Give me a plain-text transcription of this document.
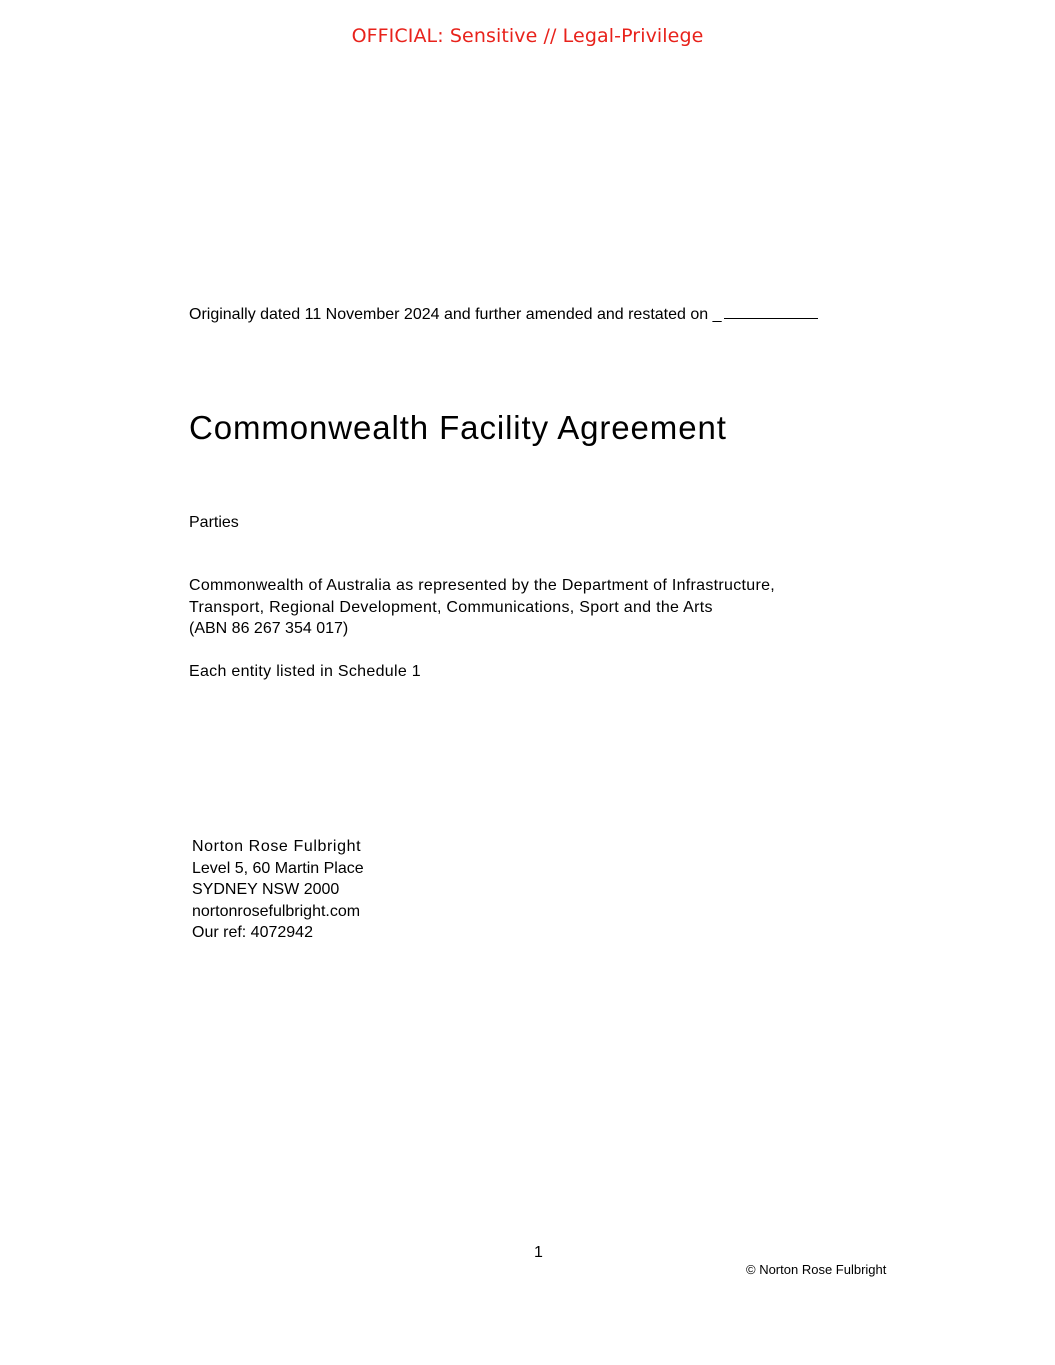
OFFICIAL: Sensitive // Legal-Privilege
Originally dated 11 November 2024 and further amended and restated on _
Commonwealth Facility Agreement

Parties

Commonwealth of Australia as represented by the Department of Infrastructure,
Transport, Regional Development, Communications, Sport and the Arts
(ABN 86 267 354 017)

Each entity listed in Schedule 1

Norton Rose Fulbright
Level 5, 60 Martin Place
SYDNEY NSW 2000
nortonrosefulbright.com
Our ref: 4072942
1
© Norton Rose Fulbright
